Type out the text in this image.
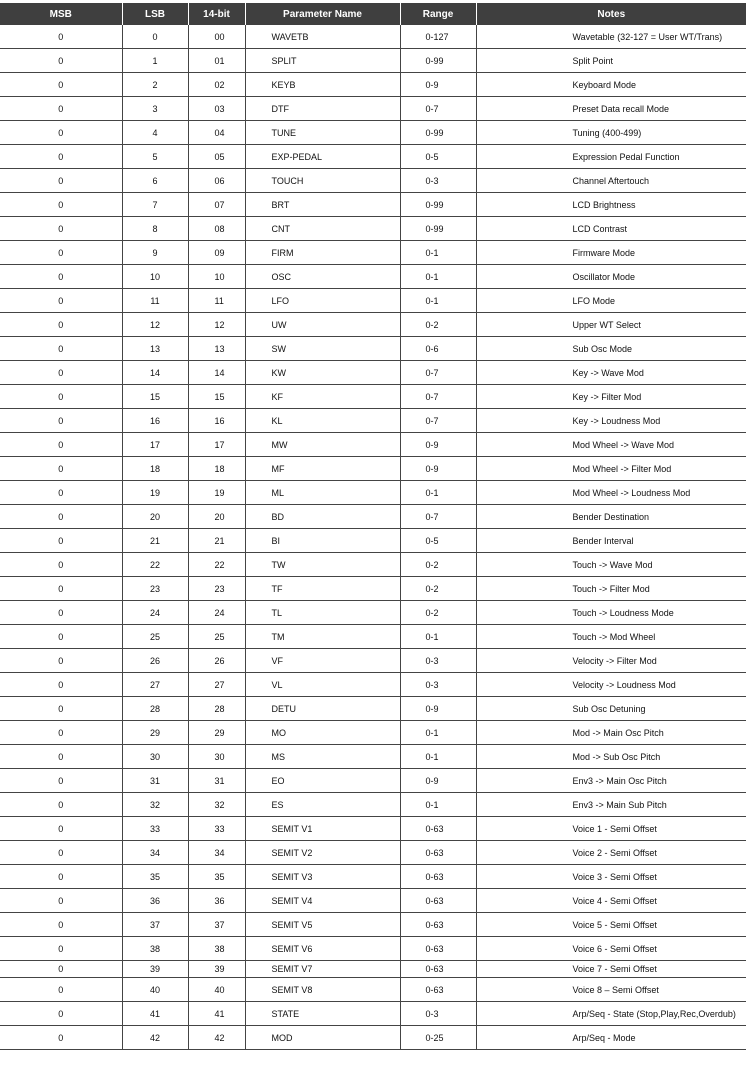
MSB	LSB	14-bit	Parameter Name	Range	Notes
0	0	00	WAVETB	0-127	Wavetable (32-127 = User WT/Trans)
0	1	01	SPLIT	0-99	Split Point
0	2	02	KEYB	0-9	Keyboard Mode
0	3	03	DTF	0-7	Preset Data recall Mode
0	4	04	TUNE	0-99	Tuning (400-499)
0	5	05	EXP-PEDAL	0-5	Expression Pedal Function
0	6	06	TOUCH	0-3	Channel Aftertouch
0	7	07	BRT	0-99	LCD Brightness
0	8	08	CNT	0-99	LCD Contrast
0	9	09	FIRM	0-1	Firmware Mode
0	10	10	OSC	0-1	Oscillator Mode
0	11	11	LFO	0-1	LFO Mode
0	12	12	UW	0-2	Upper WT Select
0	13	13	SW	0-6	Sub Osc Mode
0	14	14	KW	0-7	Key -> Wave Mod
0	15	15	KF	0-7	Key -> Filter Mod
0	16	16	KL	0-7	Key -> Loudness Mod
0	17	17	MW	0-9	Mod Wheel -> Wave Mod
0	18	18	MF	0-9	Mod Wheel -> Filter Mod
0	19	19	ML	0-1	Mod Wheel -> Loudness Mod
0	20	20	BD	0-7	Bender Destination
0	21	21	BI	0-5	Bender Interval
0	22	22	TW	0-2	Touch -> Wave Mod
0	23	23	TF	0-2	Touch -> Filter Mod
0	24	24	TL	0-2	Touch -> Loudness Mode
0	25	25	TM	0-1	Touch -> Mod Wheel
0	26	26	VF	0-3	Velocity -> Filter Mod
0	27	27	VL	0-3	Velocity -> Loudness Mod
0	28	28	DETU	0-9	Sub Osc Detuning
0	29	29	MO	0-1	Mod -> Main Osc Pitch
0	30	30	MS	0-1	Mod -> Sub Osc Pitch
0	31	31	EO	0-9	Env3 -> Main Osc Pitch
0	32	32	ES	0-1	Env3 -> Main Sub Pitch
0	33	33	SEMIT V1	0-63	Voice 1 - Semi Offset
0	34	34	SEMIT V2	0-63	Voice 2 - Semi Offset
0	35	35	SEMIT V3	0-63	Voice 3 - Semi Offset
0	36	36	SEMIT V4	0-63	Voice 4 - Semi Offset
0	37	37	SEMIT V5	0-63	Voice 5 - Semi Offset
0	38	38	SEMIT V6	0-63	Voice 6 - Semi Offset
0	39	39	SEMIT V7	0-63	Voice 7 - Semi Offset
0	40	40	SEMIT V8	0-63	Voice 8 – Semi Offset
0	41	41	STATE	0-3	Arp/Seq - State (Stop,Play,Rec,Overdub)
0	42	42	MOD	0-25	Arp/Seq - Mode
